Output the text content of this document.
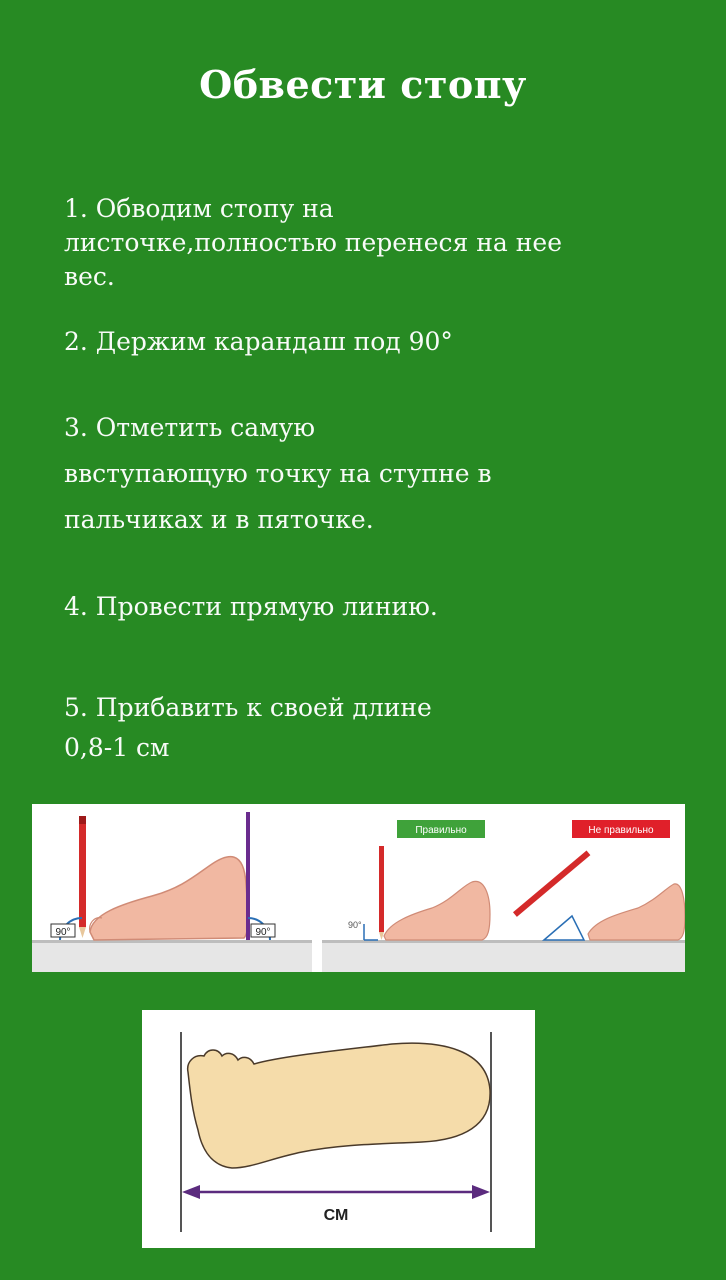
Обвести стопу
1. Обводим стопу на
листочке,полностью перенеся на нее
вес.
2. Держим карандаш под 90°
3. Отметить самую
ввступающую точку на ступне в
пальчиках и в пяточке.
4. Провести прямую линию.
5. Прибавить к своей длине
0,8-1 см
90°	90°
Правильно
90°
Не правильно
СМ
